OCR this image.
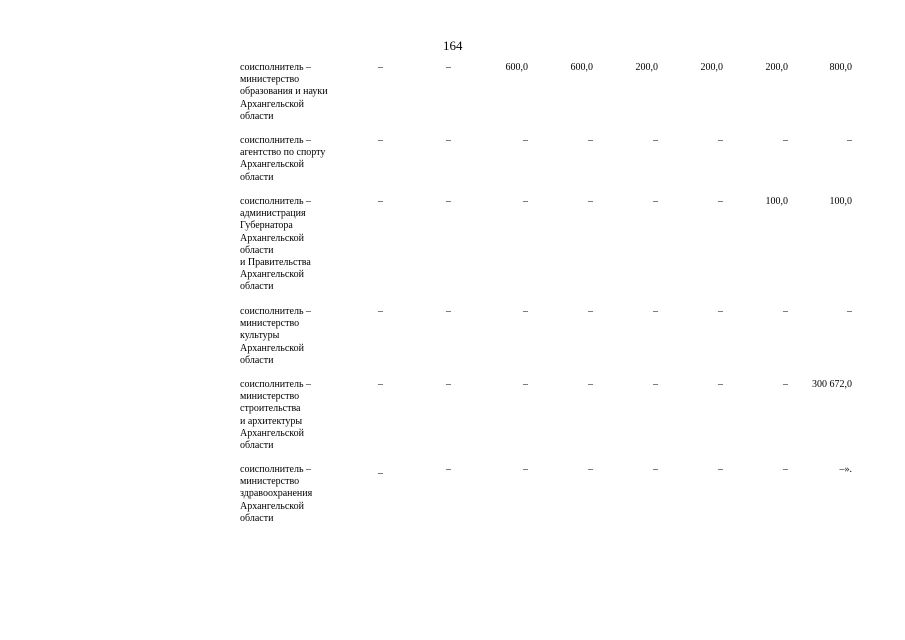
164
соисполнитель –
министерство
образования и науки
Архангельской
области
–	–	600,0	600,0	200,0	200,0	200,0	800,0
соисполнитель –
агентство по спорту
Архангельской
области
–	–	–	–	–	–	–	–
соисполнитель –
администрация
Губернатора
Архангельской
области
и Правительства
Архангельской
области
–	–	–	–	–	–	100,0	100,0
соисполнитель –
министерство
культуры
Архангельской
области
–	–	–	–	–	–	–	–
соисполнитель –
министерство
строительства
и архитектуры
Архангельской
области
–	–	–	–	–	–	–	300 672,0
соисполнитель –
министерство
здравоохранения
Архангельской
области
_	–	–	–	–	–	–	–».
